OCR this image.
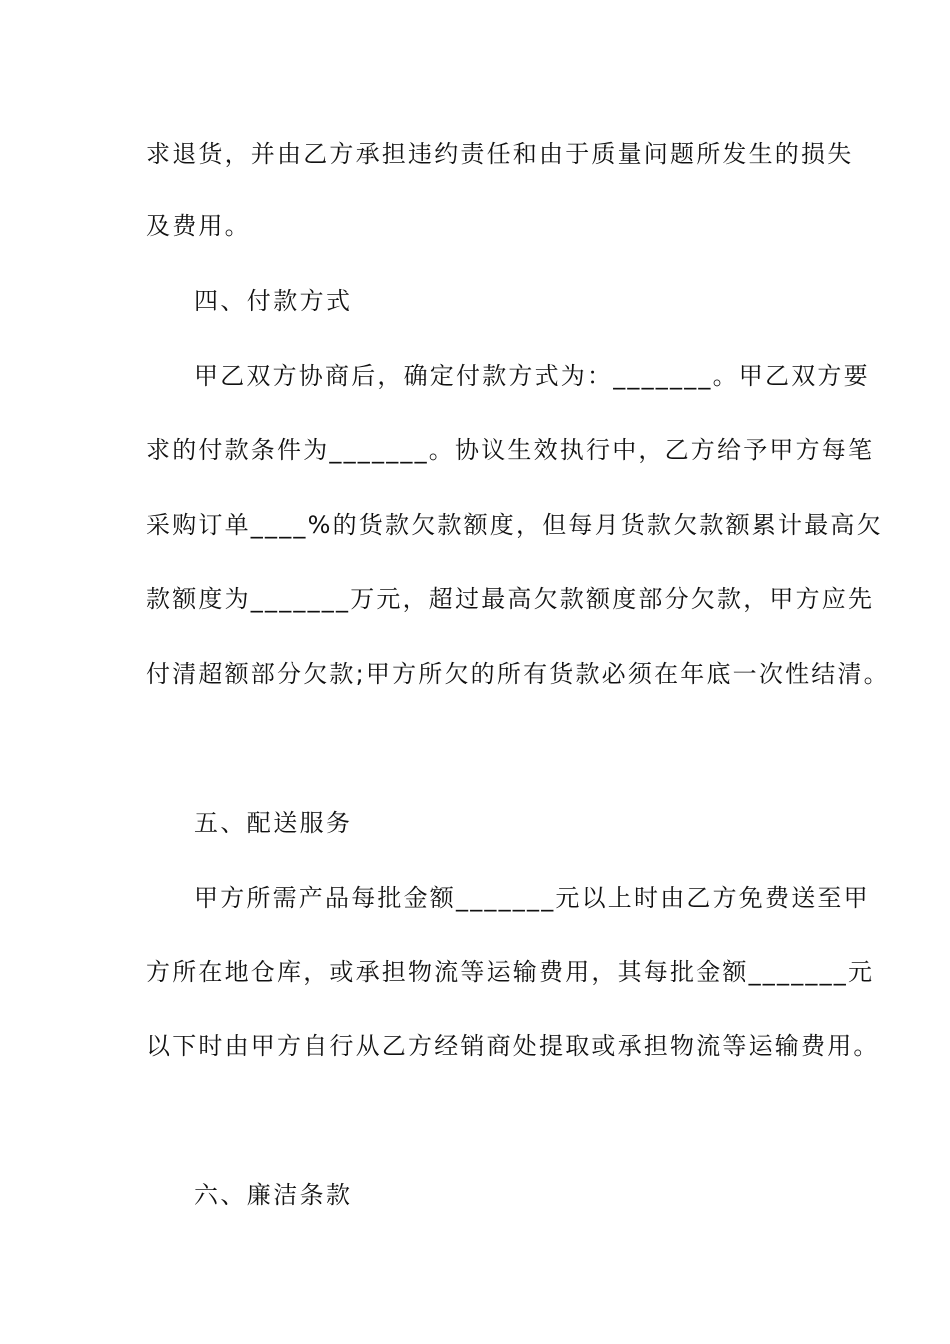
求退货，并由乙方承担违约责任和由于质量问题所发生的损失
及费用。
四、付款方式
甲乙双方协商后，确定付款方式为：_______。甲乙双方要
求的付款条件为_______。协议生效执行中，乙方给予甲方每笔
采购订单____%的货款欠款额度，但每月货款欠款额累计最高欠
款额度为_______万元，超过最高欠款额度部分欠款，甲方应先
付清超额部分欠款;甲方所欠的所有货款必须在年底一次性结清。
五、配送服务
甲方所需产品每批金额_______元以上时由乙方免费送至甲
方所在地仓库，或承担物流等运输费用，其每批金额_______元
以下时由甲方自行从乙方经销商处提取或承担物流等运输费用。
六、廉洁条款
